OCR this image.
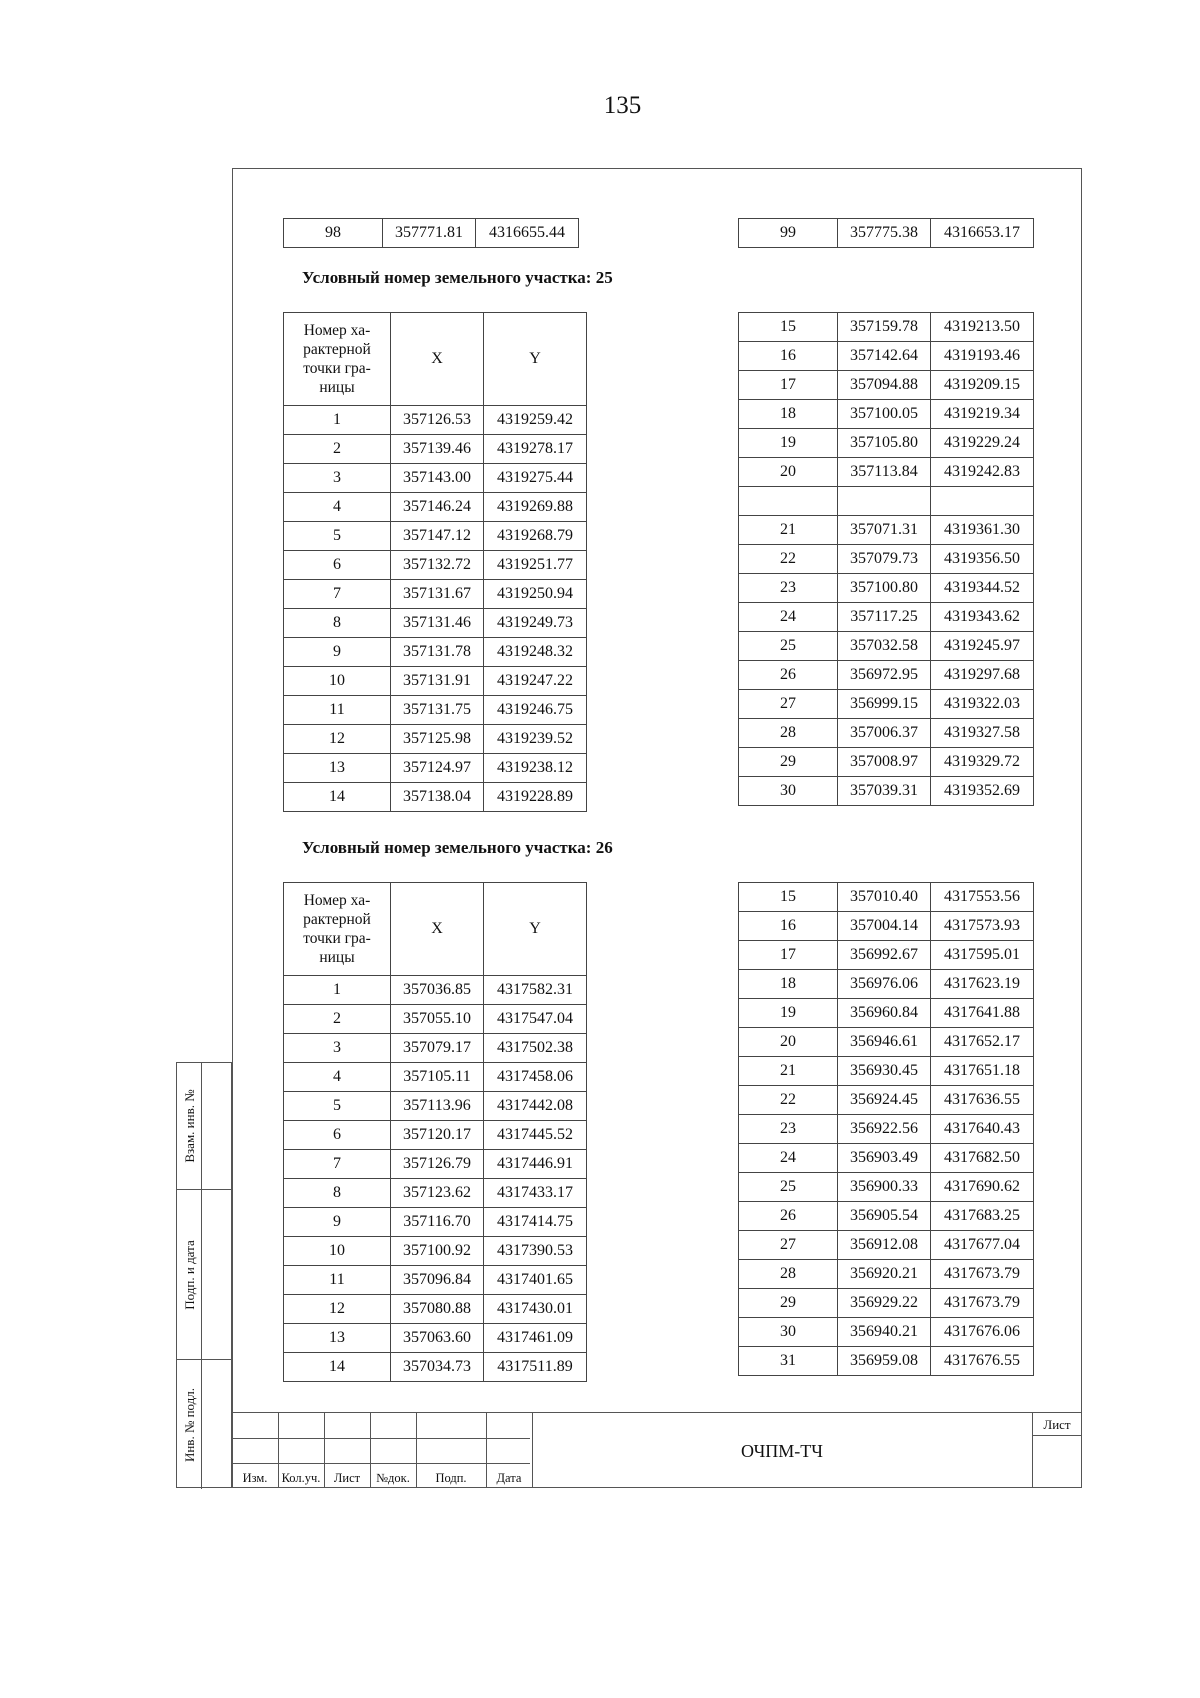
135
98	357771.81	4316655.44	99	357775.38	4316653.17
Условный номер земельного участка: 25
Номер ха-рактерной точки гра-ницы	X	Y
1	357126.53	4319259.42
2	357139.46	4319278.17
3	357143.00	4319275.44
4	357146.24	4319269.88
5	357147.12	4319268.79
6	357132.72	4319251.77
7	357131.67	4319250.94
8	357131.46	4319249.73
9	357131.78	4319248.32
10	357131.91	4319247.22
11	357131.75	4319246.75
12	357125.98	4319239.52
13	357124.97	4319238.12
14	357138.04	4319228.89
15	357159.78	4319213.50
16	357142.64	4319193.46
17	357094.88	4319209.15
18	357100.05	4319219.34
19	357105.80	4319229.24
20	357113.84	4319242.83

21	357071.31	4319361.30
22	357079.73	4319356.50
23	357100.80	4319344.52
24	357117.25	4319343.62
25	357032.58	4319245.97
26	356972.95	4319297.68
27	356999.15	4319322.03
28	357006.37	4319327.58
29	357008.97	4319329.72
30	357039.31	4319352.69
Условный номер земельного участка: 26
Номер ха-рактерной точки гра-ницы	X	Y
1	357036.85	4317582.31
2	357055.10	4317547.04
3	357079.17	4317502.38
4	357105.11	4317458.06
5	357113.96	4317442.08
6	357120.17	4317445.52
7	357126.79	4317446.91
8	357123.62	4317433.17
9	357116.70	4317414.75
10	357100.92	4317390.53
11	357096.84	4317401.65
12	357080.88	4317430.01
13	357063.60	4317461.09
14	357034.73	4317511.89
15	357010.40	4317553.56
16	357004.14	4317573.93
17	356992.67	4317595.01
18	356976.06	4317623.19
19	356960.84	4317641.88
20	356946.61	4317652.17
21	356930.45	4317651.18
22	356924.45	4317636.55
23	356922.56	4317640.43
24	356903.49	4317682.50
25	356900.33	4317690.62
26	356905.54	4317683.25
27	356912.08	4317677.04
28	356920.21	4317673.79
29	356929.22	4317673.79
30	356940.21	4317676.06
31	356959.08	4317676.55
Взам. инв. №
Подп. и дата
Инв. № подл.
Изм.	Кол.уч.	Лист	№док.	Подп.	Дата
ОЧПМ-ТЧ
Лист
